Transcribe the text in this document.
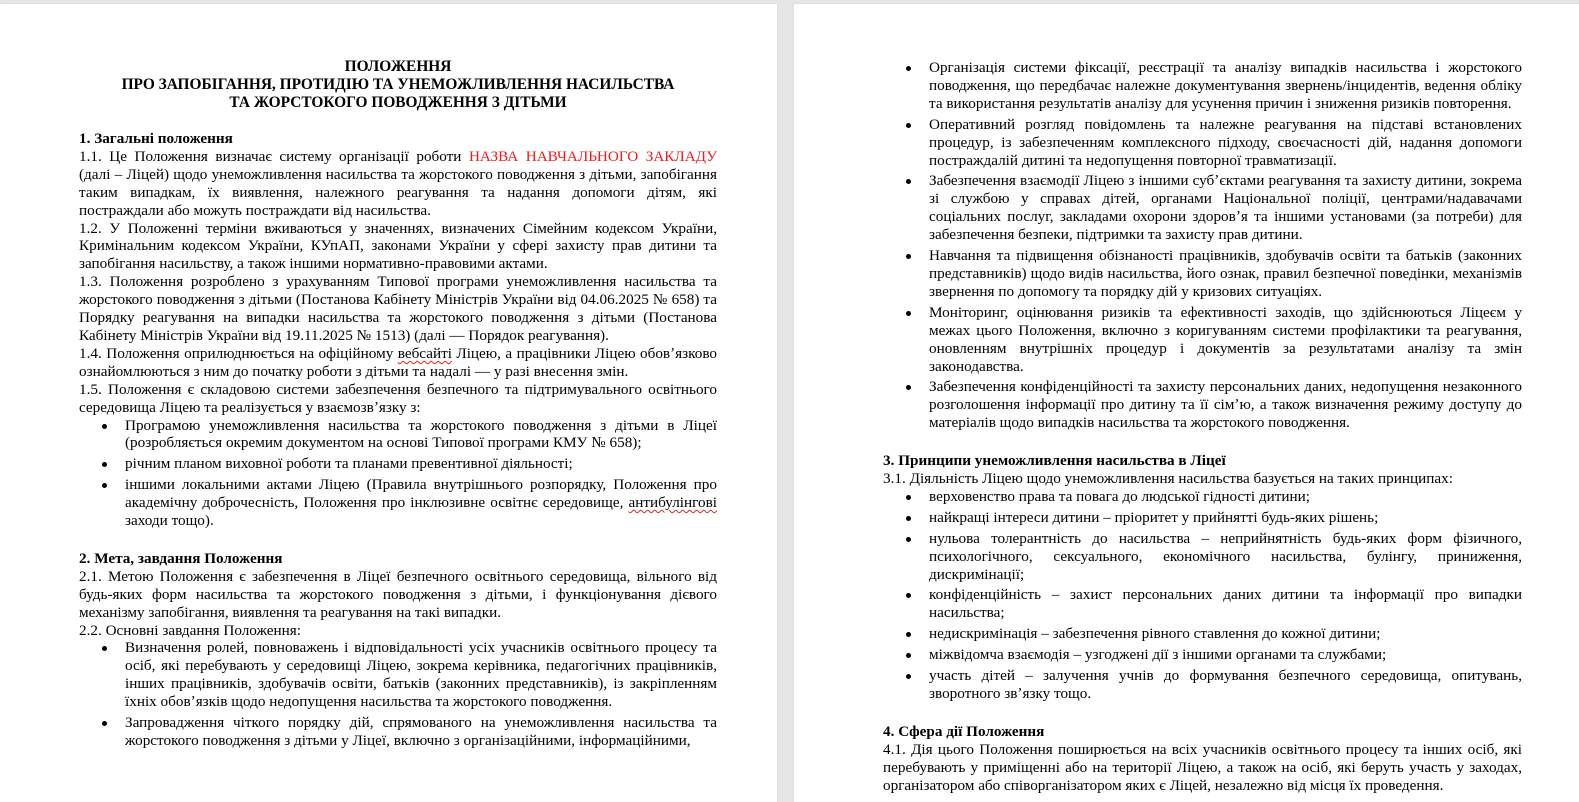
ПОЛОЖЕННЯ
ПРО ЗАПОБІГАННЯ, ПРОТИДІЮ ТА УНЕМОЖЛИВЛЕННЯ НАСИЛЬСТВА
ТА ЖОРСТОКОГО ПОВОДЖЕННЯ З ДІТЬМИ

1. Загальні положення

1.1. Це Положення визначає систему організації роботи НАЗВА НАВЧАЛЬНОГО ЗАКЛАДУ (далі – Ліцей) щодо унеможливлення насильства та жорстокого поводження з дітьми, запобігання таким випадкам, їх виявлення, належного реагування та надання допомоги дітям, які постраждали або можуть постраждати від насильства.

1.2. У Положенні терміни вживаються у значеннях, визначених Сімейним кодексом України, Кримінальним кодексом України, КУпАП, законами України у сфері захисту прав дитини та запобігання насильству, а також іншими нормативно-правовими актами.

1.3. Положення розроблено з урахуванням Типової програми унеможливлення насильства та жорстокого поводження з дітьми (Постанова Кабінету Міністрів України від 04.06.2025 № 658) та Порядку реагування на випадки насильства та жорстокого поводження з дітьми (Постанова Кабінету Міністрів України від 19.11.2025 № 1513) (далі — Порядок реагування).

1.4. Положення оприлюднюється на офіційному вебсайті Ліцею, а працівники Ліцею обовʼязково ознайомлюються з ним до початку роботи з дітьми та надалі — у разі внесення змін.

1.5. Положення є складовою системи забезпечення безпечного та підтримувального освітнього середовища Ліцею та реалізується у взаємозвʼязку з:

Програмою унеможливлення насильства та жорстокого поводження з дітьми в Ліцеї (розробляється окремим документом на основі Типової програми КМУ № 658);
річним планом виховної роботи та планами превентивної діяльності;
іншими локальними актами Ліцею (Правила внутрішнього розпорядку, Положення про академічну доброчесність, Положення про інклюзивне освітнє середовище, антибулінгові заходи тощо).

2. Мета, завдання Положення

2.1. Метою Положення є забезпечення в Ліцеї безпечного освітнього середовища, вільного від будь-яких форм насильства та жорстокого поводження з дітьми, і функціонування дієвого механізму запобігання, виявлення та реагування на такі випадки.

2.2. Основні завдання Положення:

Визначення ролей, повноважень і відповідальності усіх учасників освітнього процесу та осіб, які перебувають у середовищі Ліцею, зокрема керівника, педагогічних працівників, інших працівників, здобувачів освіти, батьків (законних представників), із закріпленням їхніх обовʼязків щодо недопущення насильства та жорстокого поводження.
Запровадження чіткого порядку дій, спрямованого на унеможливлення насильства та жорстокого поводження з дітьми у Ліцеї, включно з організаційними, інформаційними,
Організація системи фіксації, реєстрації та аналізу випадків насильства і жорстокого поводження, що передбачає належне документування звернень/інцидентів, ведення обліку та використання результатів аналізу для усунення причин і зниження ризиків повторення.
Оперативний розгляд повідомлень та належне реагування на підставі встановлених процедур, із забезпеченням комплексного підходу, своєчасності дій, надання допомоги постраждалій дитині та недопущення повторної травматизації.
Забезпечення взаємодії Ліцею з іншими субʼєктами реагування та захисту дитини, зокрема зі службою у справах дітей, органами Національної поліції, центрами/надавачами соціальних послуг, закладами охорони здоровʼя та іншими установами (за потреби) для забезпечення безпеки, підтримки та захисту прав дитини.
Навчання та підвищення обізнаності працівників, здобувачів освіти та батьків (законних представників) щодо видів насильства, його ознак, правил безпечної поведінки, механізмів звернення по допомогу та порядку дій у кризових ситуаціях.
Моніторинг, оцінювання ризиків та ефективності заходів, що здійснюються Ліцеєм у межах цього Положення, включно з коригуванням системи профілактики та реагування, оновленням внутрішніх процедур і документів за результатами аналізу та змін законодавства.
Забезпечення конфіденційності та захисту персональних даних, недопущення незаконного розголошення інформації про дитину та її сімʼю, а також визначення режиму доступу до матеріалів щодо випадків насильства та жорстокого поводження.

3. Принципи унеможливлення насильства в Ліцеї

3.1. Діяльність Ліцею щодо унеможливлення насильства базується на таких принципах:

верховенство права та повага до людської гідності дитини;
найкращі інтереси дитини – пріоритет у прийнятті будь-яких рішень;
нульова толерантність до насильства – неприйнятність будь-яких форм фізичного, психологічного, сексуального, економічного насильства, булінгу, приниження, дискримінації;
конфіденційність – захист персональних даних дитини та інформації про випадки насильства;
недискримінація – забезпечення рівного ставлення до кожної дитини;
міжвідомча взаємодія – узгоджені дії з іншими органами та службами;
участь дітей – залучення учнів до формування безпечного середовища, опитувань, зворотного звʼязку тощо.

4. Сфера дії Положення

4.1. Дія цього Положення поширюється на всіх учасників освітнього процесу та інших осіб, які перебувають у приміщенні або на території Ліцею, а також на осіб, які беруть участь у заходах, організатором або співорганізатором яких є Ліцей, незалежно від місця їх проведення.
